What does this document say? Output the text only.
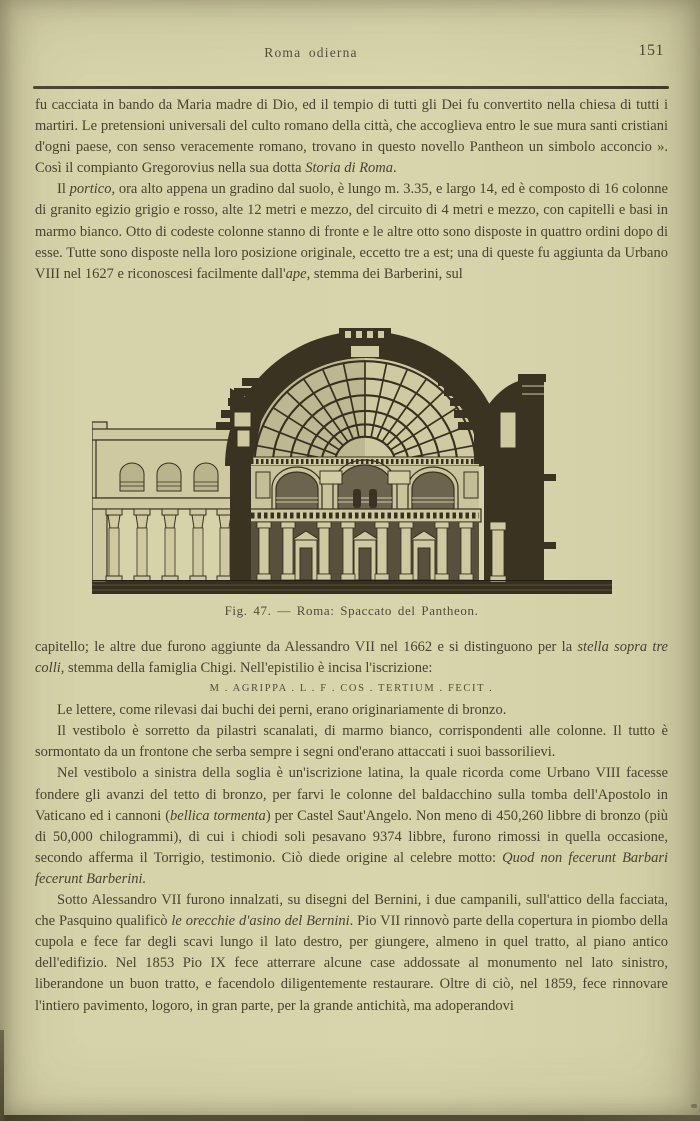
Roma odierna	151

fu cacciata in bando da Maria madre di Dio, ed il tempio di tutti gli Dei fu convertito nella chiesa di tutti i martiri. Le pretensioni universali del culto romano della città, che accoglieva entro le sue mura santi cristiani d'ogni paese, con senso veracemente romano, trovano in questo novello Pantheon un simbolo acconcio ». Così il compianto Gregorovius nella sua dotta Storia di Roma.

Il portico, ora alto appena un gradino dal suolo, è lungo m. 3.35, e largo 14, ed è composto di 16 colonne di granito egizio grigio e rosso, alte 12 metri e mezzo, del circuito di 4 metri e mezzo, con capitelli e basi in marmo bianco. Otto di codeste colonne stanno di fronte e le altre otto sono disposte in quattro ordini dopo di esse. Tutte sono disposte nella loro posizione originale, eccetto tre a est; una di queste fu aggiunta da Urbano VIII nel 1627 e riconoscesi facilmente dall'ape, stemma dei Barberini, sul

Fig. 47. — Roma: Spaccato del Pantheon.

capitello; le altre due furono aggiunte da Alessandro VII nel 1662 e si distinguono per la stella sopra tre colli, stemma della famiglia Chigi. Nell'epistilio è incisa l'iscrizione:

M . AGRIPPA . L . F . COS . TERTIUM . FECIT .

Le lettere, come rilevasi dai buchi dei perni, erano originariamente di bronzo.

Il vestibolo è sorretto da pilastri scanalati, di marmo bianco, corrispondenti alle colonne. Il tutto è sormontato da un frontone che serba sempre i segni ond'erano attaccati i suoi bassorilievi.

Nel vestibolo a sinistra della soglia è un'iscrizione latina, la quale ricorda come Urbano VIII facesse fondere gli avanzi del tetto di bronzo, per farvi le colonne del baldacchino sulla tomba dell'Apostolo in Vaticano ed i cannoni (bellica tormenta) per Castel Saut'Angelo. Non meno di 450,260 libbre di bronzo (più di 50,000 chilogrammi), di cui i chiodi soli pesavano 9374 libbre, furono rimossi in quella occasione, secondo afferma il Torrigio, testimonio. Ciò diede origine al celebre motto: Quod non fecerunt Barbari fecerunt Barberini.

Sotto Alessandro VII furono innalzati, su disegni del Bernini, i due campanili, sull'attico della facciata, che Pasquino qualificò le orecchie d'asino del Bernini. Pio VII rinnovò parte della copertura in piombo della cupola e fece far degli scavi lungo il lato destro, per giungere, almeno in quel tratto, al piano antico dell'edifizio. Nel 1853 Pio IX fece atterrare alcune case addossate al monumento nel lato sinistro, liberandone un buon tratto, e facendolo diligentemente restaurare. Oltre di ciò, nel 1859, fece rinnovare l'intiero pavimento, logoro, in gran parte, per la grande antichità, ma adoperandovi
